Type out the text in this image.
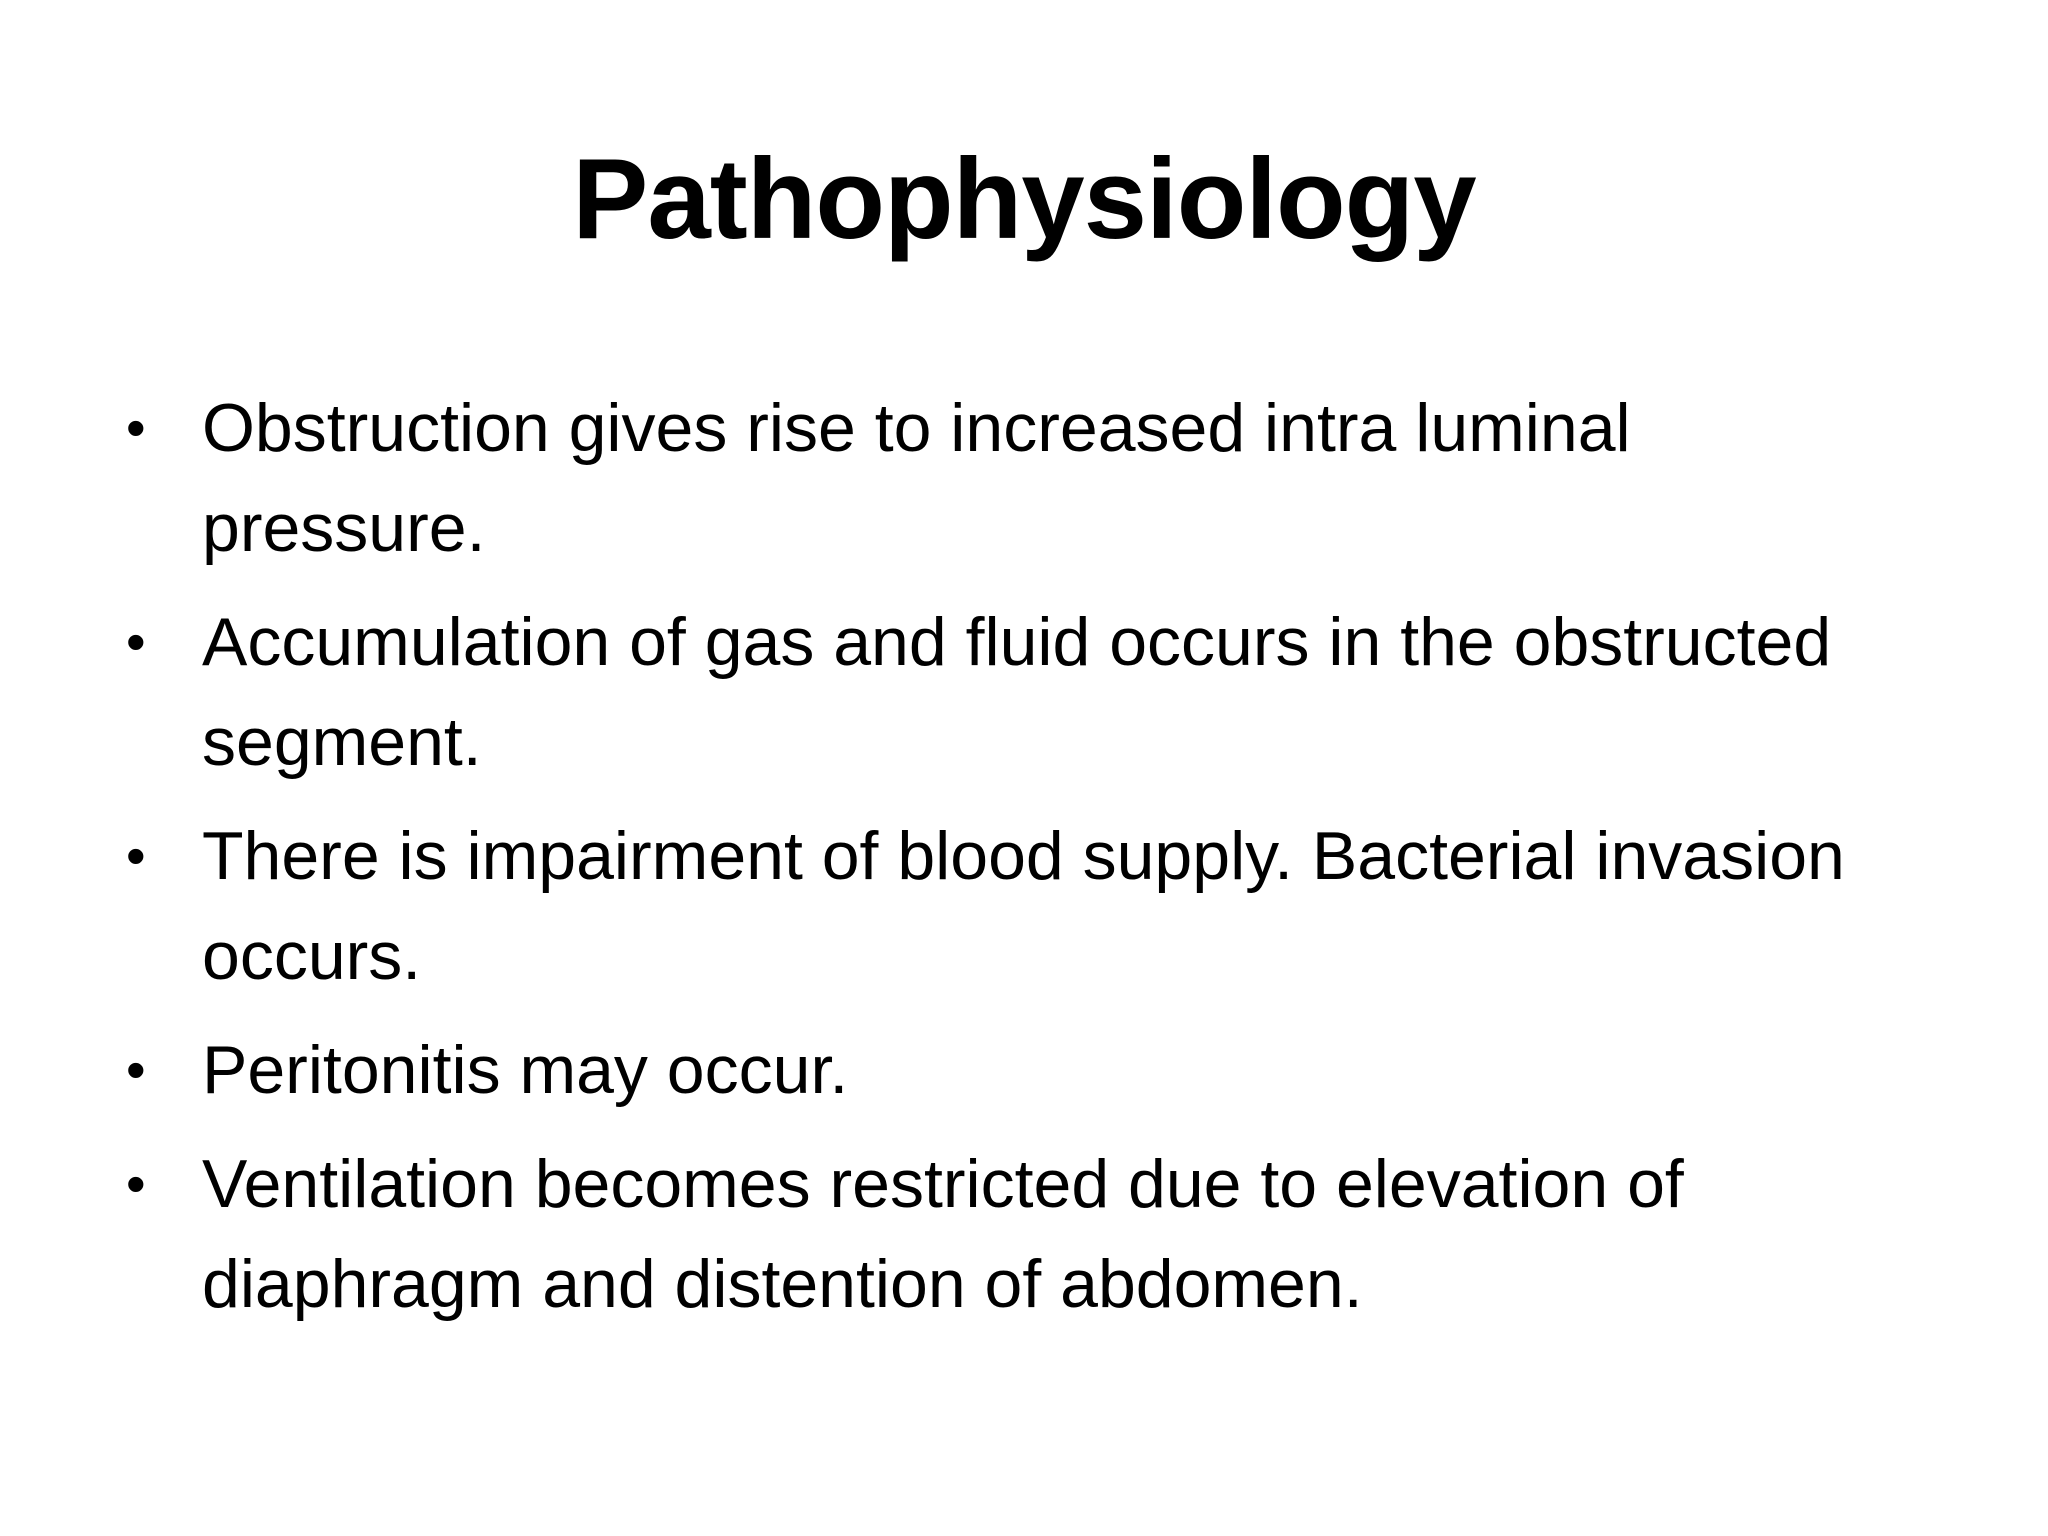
Pathophysiology
• Obstruction gives rise to increased intra luminal pressure.
• Accumulation of gas and fluid occurs in the obstructed segment.
• There is impairment of blood supply. Bacterial invasion occurs.
• Peritonitis may occur.
• Ventilation becomes restricted due to elevation of diaphragm and distention of abdomen.
